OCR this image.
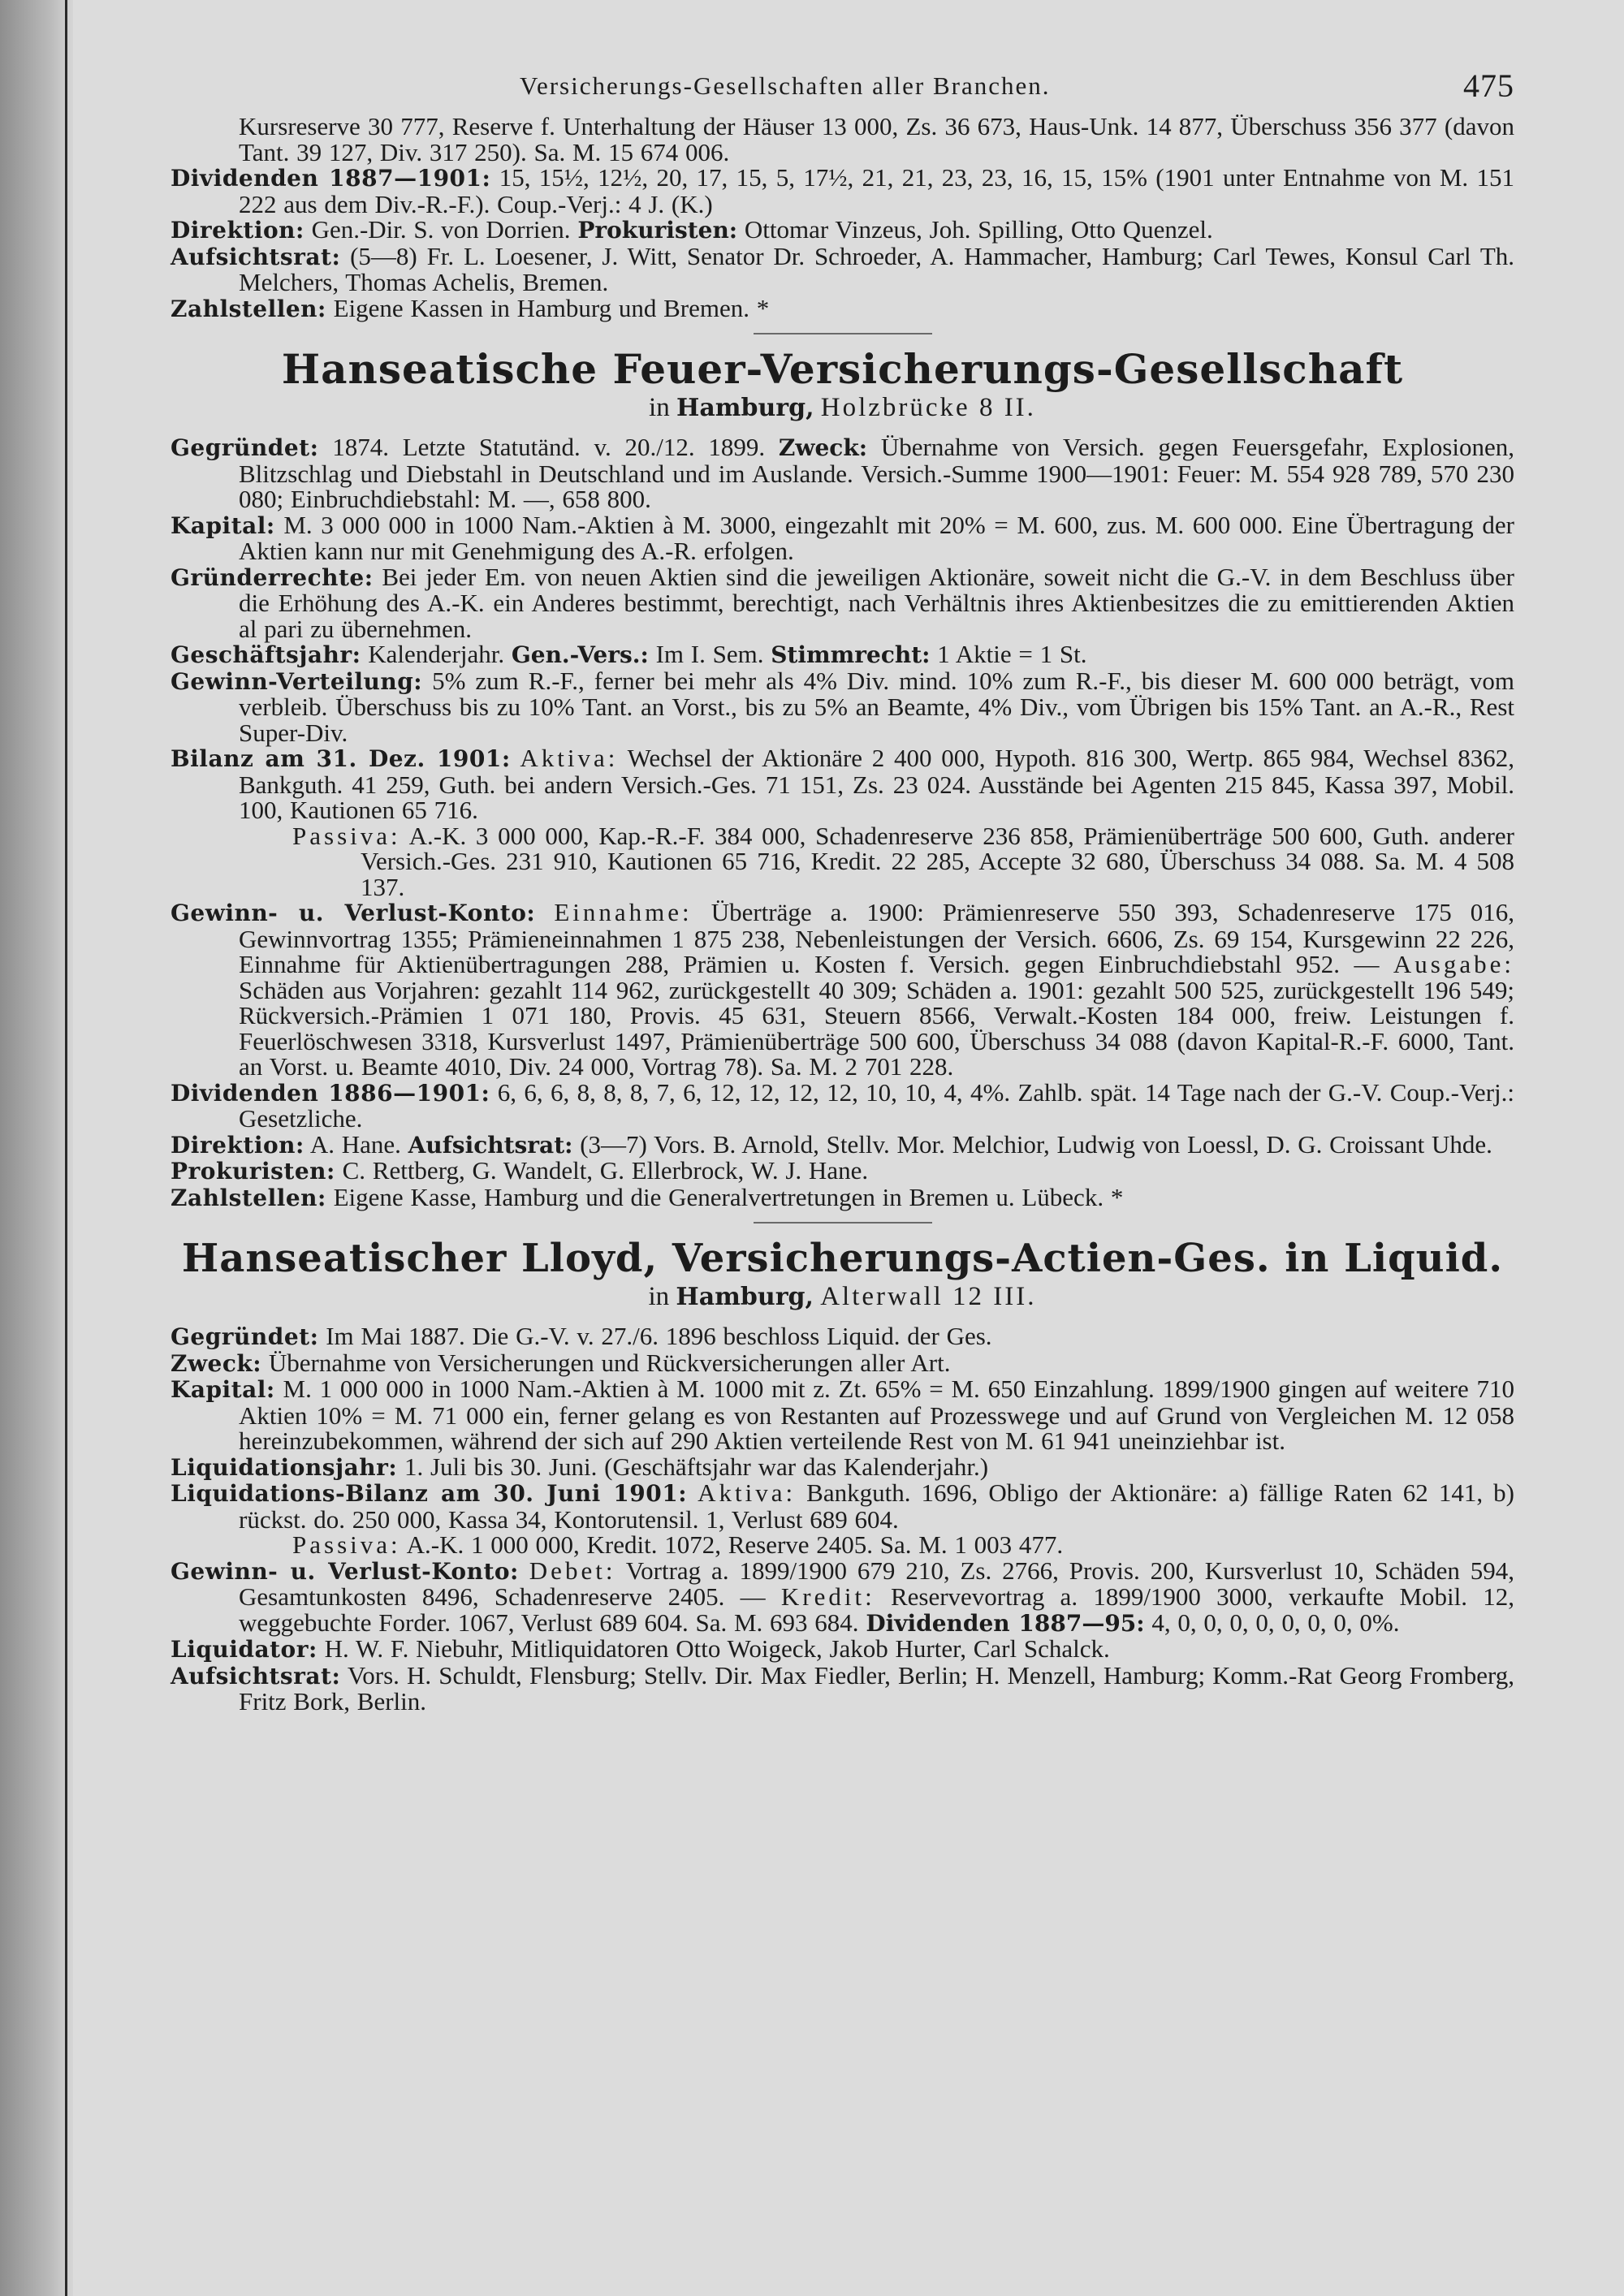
Versicherungs-Gesellschaften aller Branchen.	475

Kursreserve 30 777, Reserve f. Unterhaltung der Häuser 13 000, Zs. 36 673, Haus-Unk. 14 877, Überschuss 356 377 (davon Tant. 39 127, Div. 317 250). Sa. M. 15 674 006.

Dividenden 1887—1901: 15, 15½, 12½, 20, 17, 15, 5, 17½, 21, 21, 23, 23, 16, 15, 15% (1901 unter Entnahme von M. 151 222 aus dem Div.-R.-F.). Coup.-Verj.: 4 J. (K.)

Direktion: Gen.-Dir. S. von Dorrien. Prokuristen: Ottomar Vinzeus, Joh. Spilling, Otto Quenzel.

Aufsichtsrat: (5—8) Fr. L. Loesener, J. Witt, Senator Dr. Schroeder, A. Hammacher, Hamburg; Carl Tewes, Konsul Carl Th. Melchers, Thomas Achelis, Bremen.

Zahlstellen: Eigene Kassen in Hamburg und Bremen. *

Hanseatische Feuer-Versicherungs-Gesellschaft

in Hamburg, Holzbrücke 8 II.

Gegründet: 1874. Letzte Statutänd. v. 20./12. 1899. Zweck: Übernahme von Versich. gegen Feuersgefahr, Explosionen, Blitzschlag und Diebstahl in Deutschland und im Auslande. Versich.-Summe 1900—1901: Feuer: M. 554 928 789, 570 230 080; Einbruchdiebstahl: M. —, 658 800.

Kapital: M. 3 000 000 in 1000 Nam.-Aktien à M. 3000, eingezahlt mit 20% = M. 600, zus. M. 600 000. Eine Übertragung der Aktien kann nur mit Genehmigung des A.-R. erfolgen.

Gründerrechte: Bei jeder Em. von neuen Aktien sind die jeweiligen Aktionäre, soweit nicht die G.-V. in dem Beschluss über die Erhöhung des A.-K. ein Anderes bestimmt, berechtigt, nach Verhältnis ihres Aktienbesitzes die zu emittierenden Aktien al pari zu übernehmen.

Geschäftsjahr: Kalenderjahr. Gen.-Vers.: Im I. Sem. Stimmrecht: 1 Aktie = 1 St.

Gewinn-Verteilung: 5% zum R.-F., ferner bei mehr als 4% Div. mind. 10% zum R.-F., bis dieser M. 600 000 beträgt, vom verbleib. Überschuss bis zu 10% Tant. an Vorst., bis zu 5% an Beamte, 4% Div., vom Übrigen bis 15% Tant. an A.-R., Rest Super-Div.

Bilanz am 31. Dez. 1901: Aktiva: Wechsel der Aktionäre 2 400 000, Hypoth. 816 300, Wertp. 865 984, Wechsel 8362, Bankguth. 41 259, Guth. bei andern Versich.-Ges. 71 151, Zs. 23 024. Ausstände bei Agenten 215 845, Kassa 397, Mobil. 100, Kautionen 65 716.
Passiva: A.-K. 3 000 000, Kap.-R.-F. 384 000, Schadenreserve 236 858, Prämienüberträge 500 600, Guth. anderer Versich.-Ges. 231 910, Kautionen 65 716, Kredit. 22 285, Accepte 32 680, Überschuss 34 088. Sa. M. 4 508 137.

Gewinn- u. Verlust-Konto: Einnahme: Überträge a. 1900: Prämienreserve 550 393, Schadenreserve 175 016, Gewinnvortrag 1355; Prämieneinnahmen 1 875 238, Nebenleistungen der Versich. 6606, Zs. 69 154, Kursgewinn 22 226, Einnahme für Aktienübertragungen 288, Prämien u. Kosten f. Versich. gegen Einbruchdiebstahl 952. — Ausgabe: Schäden aus Vorjahren: gezahlt 114 962, zurückgestellt 40 309; Schäden a. 1901: gezahlt 500 525, zurückgestellt 196 549; Rückversich.-Prämien 1 071 180, Provis. 45 631, Steuern 8566, Verwalt.-Kosten 184 000, freiw. Leistungen f. Feuerlöschwesen 3318, Kursverlust 1497, Prämienüberträge 500 600, Überschuss 34 088 (davon Kapital-R.-F. 6000, Tant. an Vorst. u. Beamte 4010, Div. 24 000, Vortrag 78). Sa. M. 2 701 228.

Dividenden 1886—1901: 6, 6, 6, 8, 8, 8, 7, 6, 12, 12, 12, 12, 10, 10, 4, 4%. Zahlb. spät. 14 Tage nach der G.-V. Coup.-Verj.: Gesetzliche.

Direktion: A. Hane. Aufsichtsrat: (3—7) Vors. B. Arnold, Stellv. Mor. Melchior, Ludwig von Loessl, D. G. Croissant Uhde.

Prokuristen: C. Rettberg, G. Wandelt, G. Ellerbrock, W. J. Hane.

Zahlstellen: Eigene Kasse, Hamburg und die Generalvertretungen in Bremen u. Lübeck. *

Hanseatischer Lloyd, Versicherungs-Actien-Ges. in Liquid.

in Hamburg, Alterwall 12 III.

Gegründet: Im Mai 1887. Die G.-V. v. 27./6. 1896 beschloss Liquid. der Ges.

Zweck: Übernahme von Versicherungen und Rückversicherungen aller Art.

Kapital: M. 1 000 000 in 1000 Nam.-Aktien à M. 1000 mit z. Zt. 65% = M. 650 Einzahlung. 1899/1900 gingen auf weitere 710 Aktien 10% = M. 71 000 ein, ferner gelang es von Restanten auf Prozesswege und auf Grund von Vergleichen M. 12 058 hereinzubekommen, während der sich auf 290 Aktien verteilende Rest von M. 61 941 uneinziehbar ist.

Liquidationsjahr: 1. Juli bis 30. Juni. (Geschäftsjahr war das Kalenderjahr.)

Liquidations-Bilanz am 30. Juni 1901: Aktiva: Bankguth. 1696, Obligo der Aktionäre: a) fällige Raten 62 141, b) rückst. do. 250 000, Kassa 34, Kontorutensil. 1, Verlust 689 604.
Passiva: A.-K. 1 000 000, Kredit. 1072, Reserve 2405. Sa. M. 1 003 477.

Gewinn- u. Verlust-Konto: Debet: Vortrag a. 1899/1900 679 210, Zs. 2766, Provis. 200, Kursverlust 10, Schäden 594, Gesamtunkosten 8496, Schadenreserve 2405. — Kredit: Reservevortrag a. 1899/1900 3000, verkaufte Mobil. 12, weggebuchte Forder. 1067, Verlust 689 604. Sa. M. 693 684. Dividenden 1887—95: 4, 0, 0, 0, 0, 0, 0, 0, 0%.

Liquidator: H. W. F. Niebuhr, Mitliquidatoren Otto Woigeck, Jakob Hurter, Carl Schalck.

Aufsichtsrat: Vors. H. Schuldt, Flensburg; Stellv. Dir. Max Fiedler, Berlin; H. Menzell, Hamburg; Komm.-Rat Georg Fromberg, Fritz Bork, Berlin.
